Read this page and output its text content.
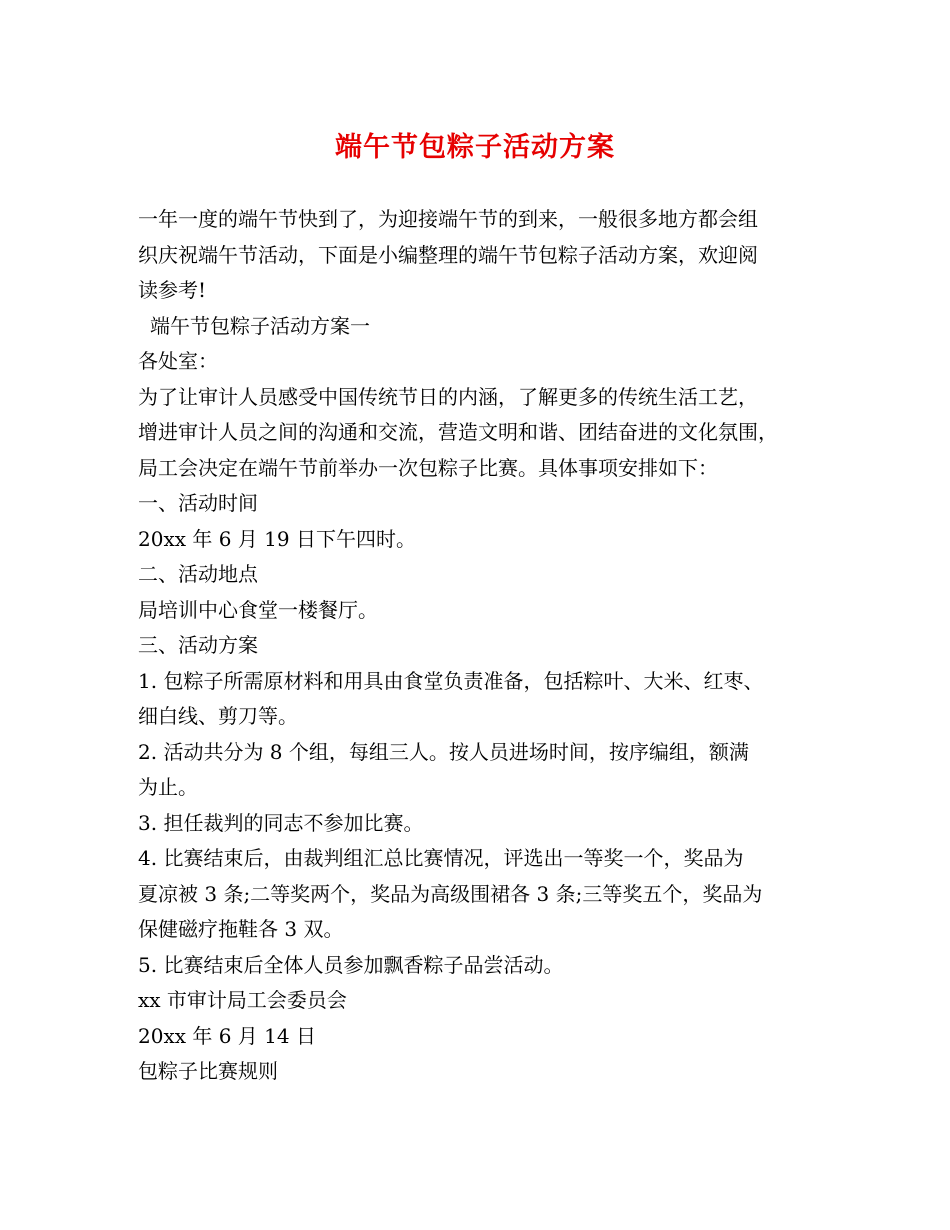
端午节包粽子活动方案
一年一度的端午节快到了，为迎接端午节的到来，一般很多地方都会组
织庆祝端午节活动，下面是小编整理的端午节包粽子活动方案，欢迎阅
读参考!
端午节包粽子活动方案一
各处室：
为了让审计人员感受中国传统节日的内涵，了解更多的传统生活工艺，
增进审计人员之间的沟通和交流，营造文明和谐、团结奋进的文化氛围，
局工会决定在端午节前举办一次包粽子比赛。具体事项安排如下：
一、活动时间
20xx 年 6 月 19 日下午四时。
二、活动地点
局培训中心食堂一楼餐厅。
三、活动方案
1. 包粽子所需原材料和用具由食堂负责准备，包括粽叶、大米、红枣、
细白线、剪刀等。
2. 活动共分为 8 个组，每组三人。按人员进场时间，按序编组，额满
为止。
3. 担任裁判的同志不参加比赛。
4. 比赛结束后，由裁判组汇总比赛情况，评选出一等奖一个，奖品为
夏凉被 3 条;二等奖两个，奖品为高级围裙各 3 条;三等奖五个，奖品为
保健磁疗拖鞋各 3 双。
5. 比赛结束后全体人员参加飘香粽子品尝活动。
xx 市审计局工会委员会
20xx 年 6 月 14 日
包粽子比赛规则
